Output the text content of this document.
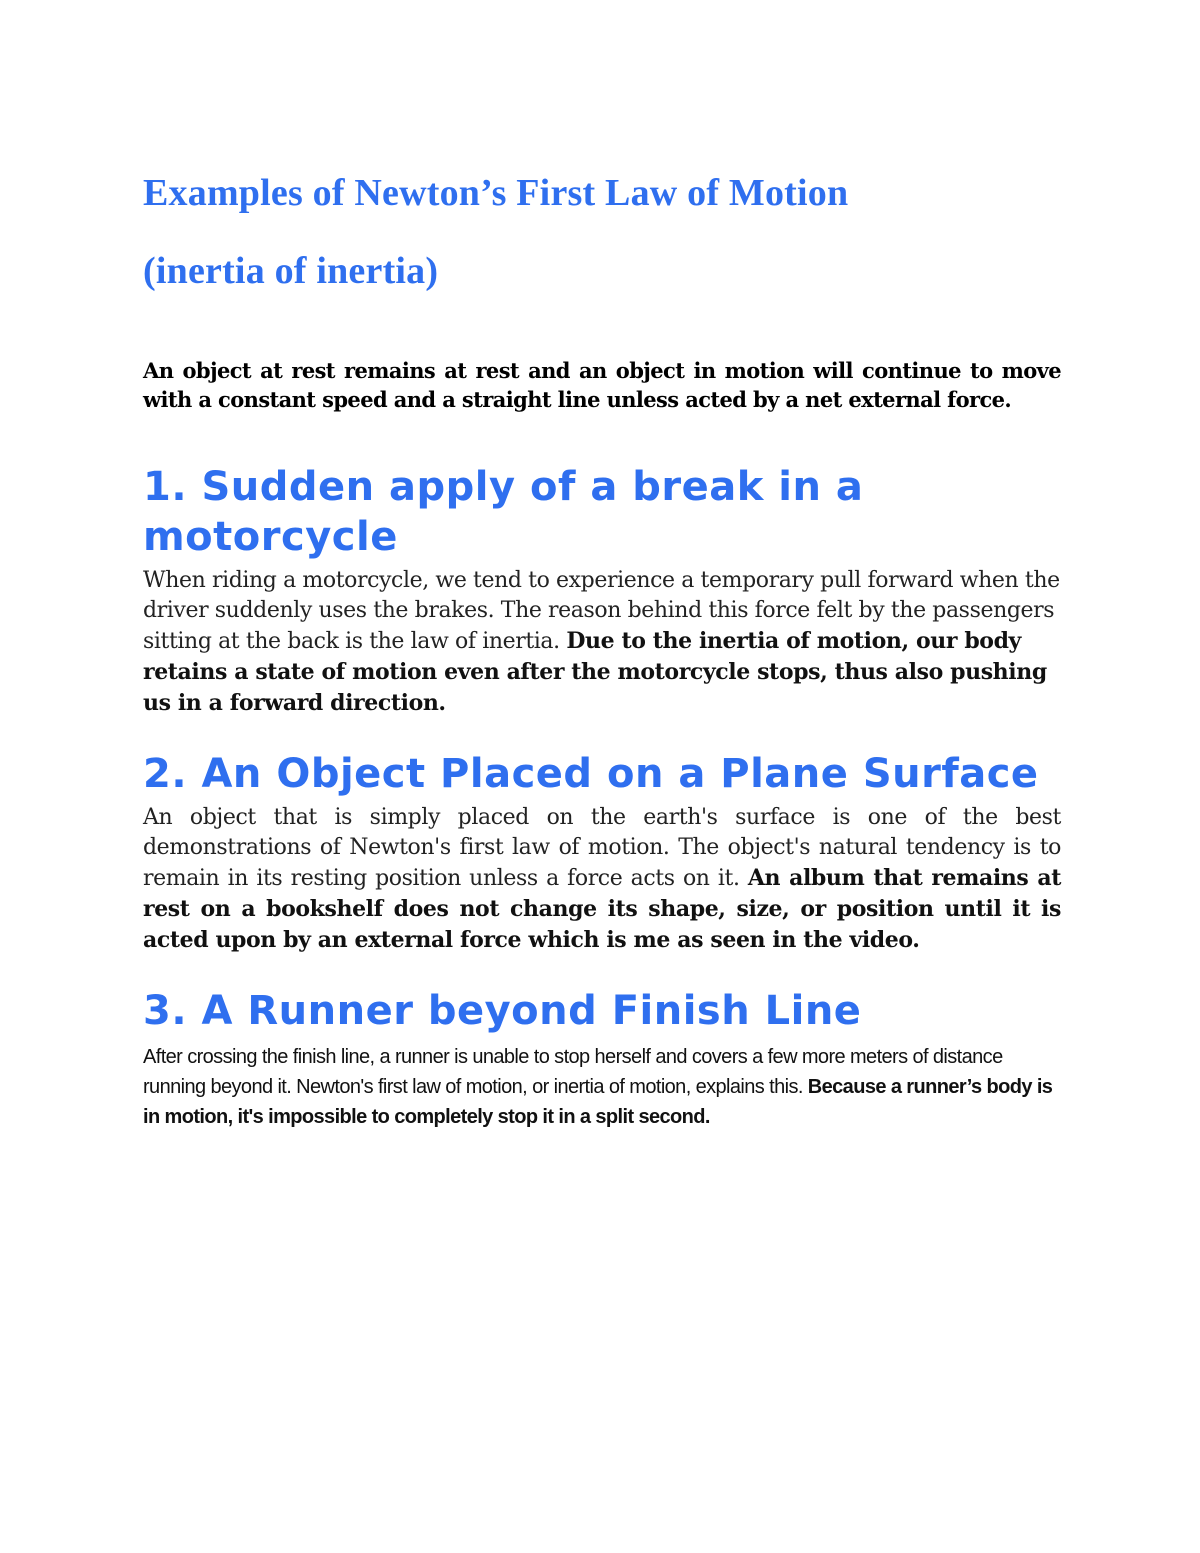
Examples of Newton’s First Law of Motion
(inertia of inertia)

An object at rest remains at rest and an object in motion will continue to move with a constant speed and a straight line unless acted by a net external force.

1. Sudden apply of a break in a motorcycle

When riding a motorcycle, we tend to experience a temporary pull forward when the driver suddenly uses the brakes. The reason behind this force felt by the passengers sitting at the back is the law of inertia. Due to the inertia of motion, our body retains a state of motion even after the motorcycle stops, thus also pushing us in a forward direction.

2. An Object Placed on a Plane Surface

An object that is simply placed on the earth's surface is one of the best demonstrations of Newton's first law of motion. The object's natural tendency is to remain in its resting position unless a force acts on it. An album that remains at rest on a bookshelf does not change its shape, size, or position until it is acted upon by an external force which is me as seen in the video.

3. A Runner beyond Finish Line

After crossing the finish line, a runner is unable to stop herself and covers a few more meters of distance running beyond it. Newton's first law of motion, or inertia of motion, explains this. Because a runner’s body is in motion, it's impossible to completely stop it in a split second.
